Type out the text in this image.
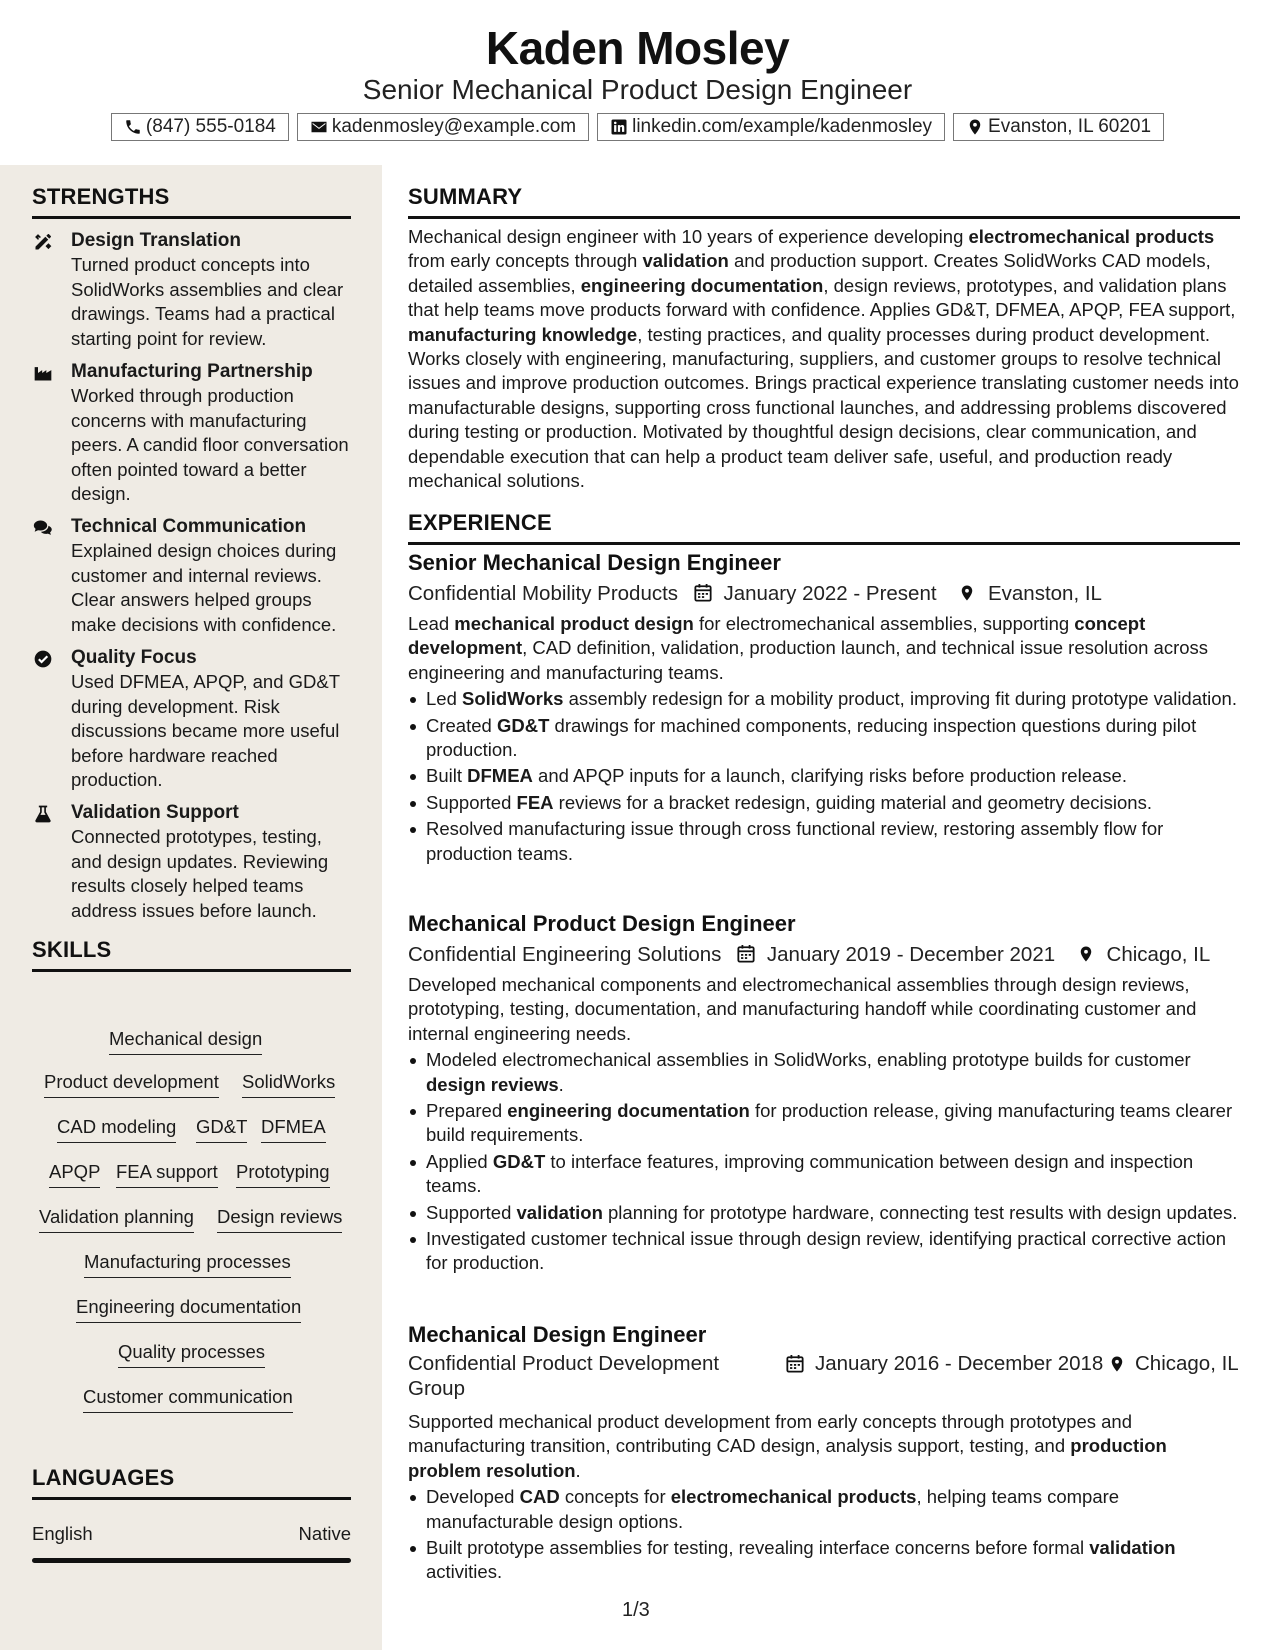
Kaden Mosley
Senior Mechanical Product Design Engineer
(847) 555-0184	kadenmosley@example.com	linkedin.com/example/kadenmosley	Evanston, IL 60201
STRENGTHS
Design Translation
Turned product concepts into SolidWorks assemblies and clear drawings. Teams had a practical starting point for review.
Manufacturing Partnership
Worked through production concerns with manufacturing peers. A candid floor conversation often pointed toward a better design.
Technical Communication
Explained design choices during customer and internal reviews. Clear answers helped groups make decisions with confidence.
Quality Focus
Used DFMEA, APQP, and GD&T during development. Risk discussions became more useful before hardware reached production.
Validation Support
Connected prototypes, testing, and design updates. Reviewing results closely helped teams address issues before launch.
SKILLS
Mechanical design
Product development SolidWorks
CAD modeling GD&T DFMEA
APQP FEA support Prototyping
Validation planning Design reviews
Manufacturing processes
Engineering documentation
Quality processes
Customer communication
LANGUAGES
English	Native
SUMMARY
Mechanical design engineer with 10 years of experience developing electromechanical products from early concepts through validation and production support. Creates SolidWorks CAD models, detailed assemblies, engineering documentation, design reviews, prototypes, and validation plans that help teams move products forward with confidence. Applies GD&T, DFMEA, APQP, FEA support, manufacturing knowledge, testing practices, and quality processes during product development. Works closely with engineering, manufacturing, suppliers, and customer groups to resolve technical issues and improve production outcomes. Brings practical experience translating customer needs into manufacturable designs, supporting cross functional launches, and addressing problems discovered during testing or production. Motivated by thoughtful design decisions, clear communication, and dependable execution that can help a product team deliver safe, useful, and production ready mechanical solutions.
EXPERIENCE
Senior Mechanical Design Engineer
Confidential Mobility Products January 2022 - Present	Evanston, IL
Lead mechanical product design for electromechanical assemblies, supporting concept development, CAD definition, validation, production launch, and technical issue resolution across engineering and manufacturing teams.
Led SolidWorks assembly redesign for a mobility product, improving fit during prototype validation.
Created GD&T drawings for machined components, reducing inspection questions during pilot production.
Built DFMEA and APQP inputs for a launch, clarifying risks before production release.
Supported FEA reviews for a bracket redesign, guiding material and geometry decisions.
Resolved manufacturing issue through cross functional review, restoring assembly flow for production teams.
Mechanical Product Design Engineer
Confidential Engineering Solutions January 2019 - December 2021	Chicago, IL
Developed mechanical components and electromechanical assemblies through design reviews, prototyping, testing, documentation, and manufacturing handoff while coordinating customer and internal engineering needs.
Modeled electromechanical assemblies in SolidWorks, enabling prototype builds for customer design reviews.
Prepared engineering documentation for production release, giving manufacturing teams clearer build requirements.
Applied GD&T to interface features, improving communication between design and inspection teams.
Supported validation planning for prototype hardware, connecting test results with design updates.
Investigated customer technical issue through design review, identifying practical corrective action for production.
Mechanical Design Engineer
Confidential Product Development Group
January 2016 - December 2018 Chicago, IL
Supported mechanical product development from early concepts through prototypes and manufacturing transition, contributing CAD design, analysis support, testing, and production problem resolution.
Developed CAD concepts for electromechanical products, helping teams compare manufacturable design options.
Built prototype assemblies for testing, revealing interface concerns before formal validation activities.
1/3
